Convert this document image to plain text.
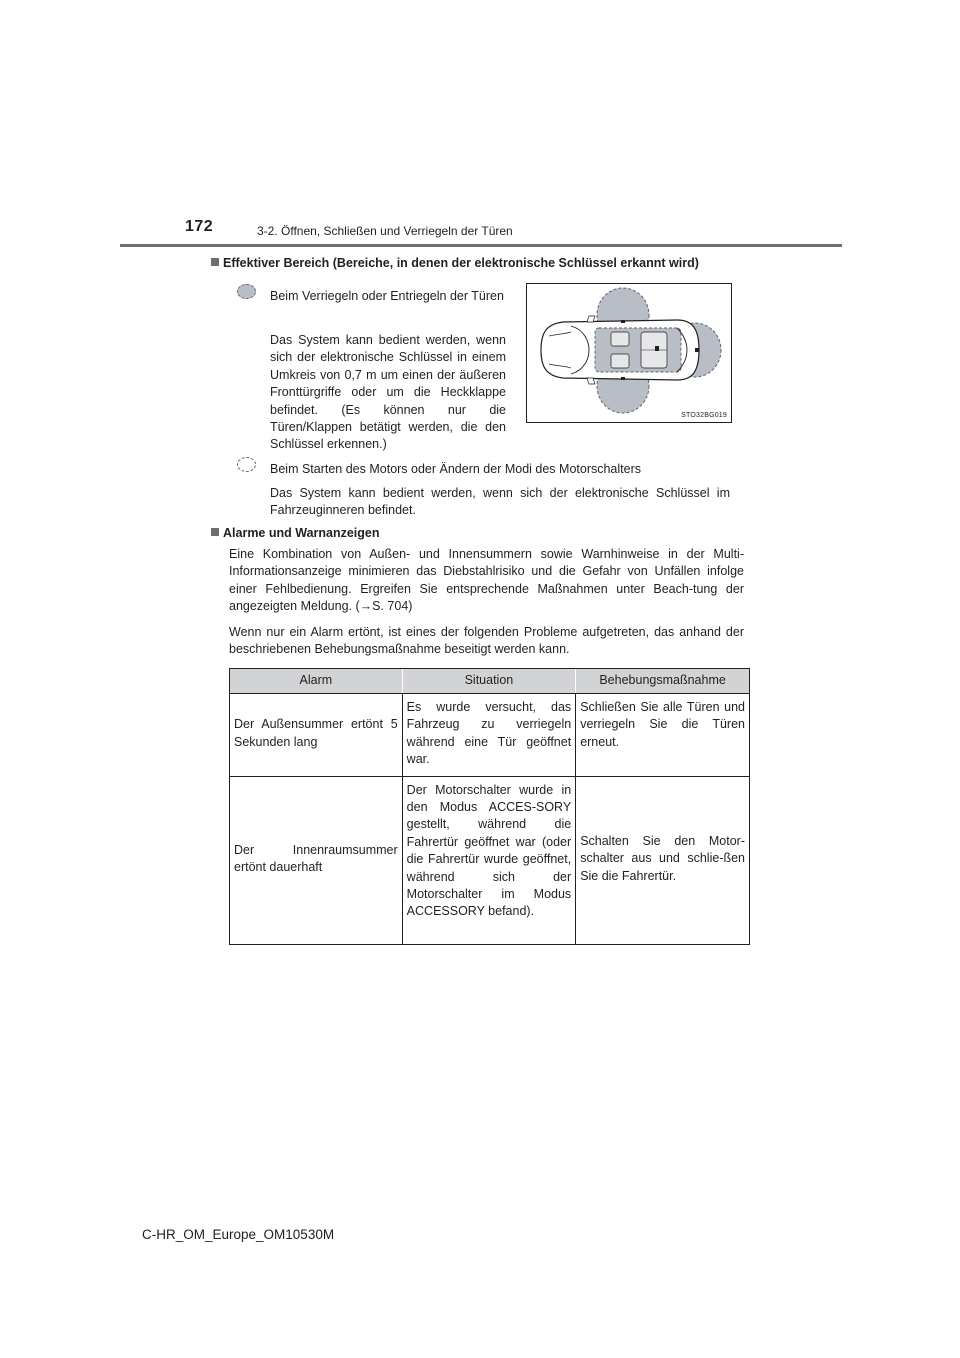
172	3-2. Öffnen, Schließen und Verriegeln der Türen
Effektiver Bereich (Bereiche, in denen der elektronische Schlüssel erkannt wird)
Beim Verriegeln oder Entriegeln der Türen
Das System kann bedient werden, wenn sich der elektronische Schlüssel in einem Umkreis von 0,7 m um einen der äußeren Fronttürgriffe oder um die Heckklappe befindet. (Es können nur die Türen/Klappen betätigt werden, die den Schlüssel erkennen.)
STO32BG019
Beim Starten des Motors oder Ändern der Modi des Motorschalters
Das System kann bedient werden, wenn sich der elektronische Schlüssel im Fahrzeuginneren befindet.
Alarme und Warnanzeigen
Eine Kombination von Außen- und Innensummern sowie Warnhinweise in der Multi-Informationsanzeige minimieren das Diebstahlrisiko und die Gefahr von Unfällen infolge einer Fehlbedienung. Ergreifen Sie entsprechende Maßnahmen unter Beach-tung der angezeigten Meldung. (→S. 704)
Wenn nur ein Alarm ertönt, ist eines der folgenden Probleme aufgetreten, das anhand der beschriebenen Behebungsmaßnahme beseitigt werden kann.
Alarm	Situation	Behebungsmaßnahme
Der Außensummer ertönt 5 Sekunden lang	Es wurde versucht, das Fahrzeug zu verriegeln während eine Tür geöffnet war.	Schließen Sie alle Türen und verriegeln Sie die Türen erneut.
Der Innenraumsummer ertönt dauerhaft	Der Motorschalter wurde in den Modus ACCES-SORY gestellt, während die Fahrertür geöffnet war (oder die Fahrertür wurde geöffnet, während sich der Motorschalter im Modus ACCESSORY befand).	Schalten Sie den Motor-schalter aus und schlie-ßen Sie die Fahrertür.
C-HR_OM_Europe_OM10530M
